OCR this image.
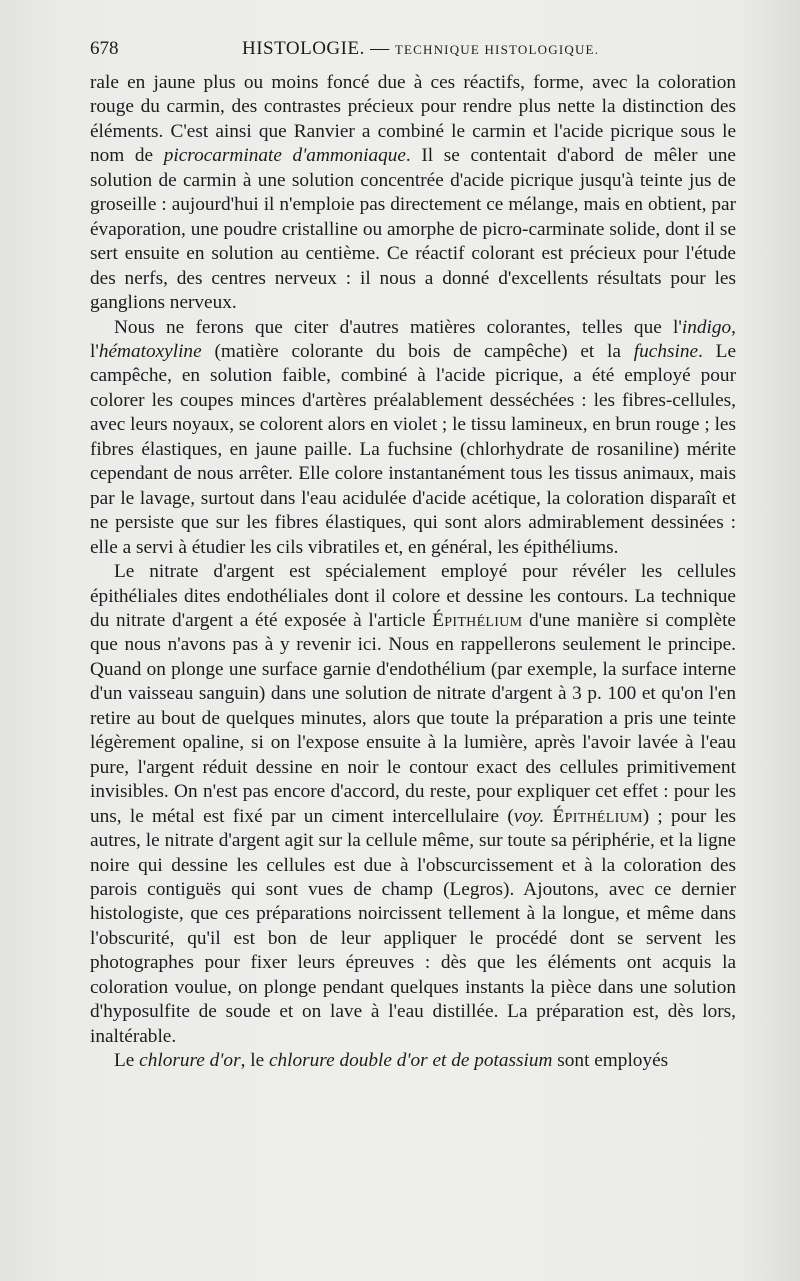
678	HISTOLOGIE. — TECHNIQUE HISTOLOGIQUE.

rale en jaune plus ou moins foncé due à ces réactifs, forme, avec la coloration rouge du carmin, des contrastes précieux pour rendre plus nette la distinction des éléments. C'est ainsi que Ranvier a combiné le carmin et l'acide picrique sous le nom de picrocarminate d'ammoniaque. Il se contentait d'abord de mêler une solution de carmin à une solution concentrée d'acide picrique jusqu'à teinte jus de groseille : aujourd'hui il n'emploie pas directement ce mélange, mais en obtient, par évaporation, une poudre cristalline ou amorphe de picro-carminate solide, dont il se sert ensuite en solution au centième. Ce réactif colorant est précieux pour l'étude des nerfs, des centres nerveux : il nous a donné d'excellents résultats pour les ganglions nerveux.

Nous ne ferons que citer d'autres matières colorantes, telles que l'indigo, l'hématoxyline (matière colorante du bois de campêche) et la fuchsine. Le campêche, en solution faible, combiné à l'acide picrique, a été employé pour colorer les coupes minces d'artères préalablement desséchées : les fibres-cellules, avec leurs noyaux, se colorent alors en violet ; le tissu lamineux, en brun rouge ; les fibres élastiques, en jaune paille. La fuchsine (chlorhydrate de rosaniline) mérite cependant de nous arrêter. Elle colore instantanément tous les tissus animaux, mais par le lavage, surtout dans l'eau acidulée d'acide acétique, la coloration disparaît et ne persiste que sur les fibres élastiques, qui sont alors admirablement dessinées : elle a servi à étudier les cils vibratiles et, en général, les épithéliums.

Le nitrate d'argent est spécialement employé pour révéler les cellules épithéliales dites endothéliales dont il colore et dessine les contours. La technique du nitrate d'argent a été exposée à l'article Épithélium d'une manière si complète que nous n'avons pas à y revenir ici. Nous en rappellerons seulement le principe. Quand on plonge une surface garnie d'endothélium (par exemple, la surface interne d'un vaisseau sanguin) dans une solution de nitrate d'argent à 3 p. 100 et qu'on l'en retire au bout de quelques minutes, alors que toute la préparation a pris une teinte légèrement opaline, si on l'expose ensuite à la lumière, après l'avoir lavée à l'eau pure, l'argent réduit dessine en noir le contour exact des cellules primitivement invisibles. On n'est pas encore d'accord, du reste, pour expliquer cet effet : pour les uns, le métal est fixé par un ciment intercellulaire (voy. Épithélium) ; pour les autres, le nitrate d'argent agit sur la cellule même, sur toute sa périphérie, et la ligne noire qui dessine les cellules est due à l'obscurcissement et à la coloration des parois contiguës qui sont vues de champ (Legros). Ajoutons, avec ce dernier histologiste, que ces préparations noircissent tellement à la longue, et même dans l'obscurité, qu'il est bon de leur appliquer le procédé dont se servent les photographes pour fixer leurs épreuves : dès que les éléments ont acquis la coloration voulue, on plonge pendant quelques instants la pièce dans une solution d'hyposulfite de soude et on lave à l'eau distillée. La préparation est, dès lors, inaltérable.

Le chlorure d'or, le chlorure double d'or et de potassium sont employés
